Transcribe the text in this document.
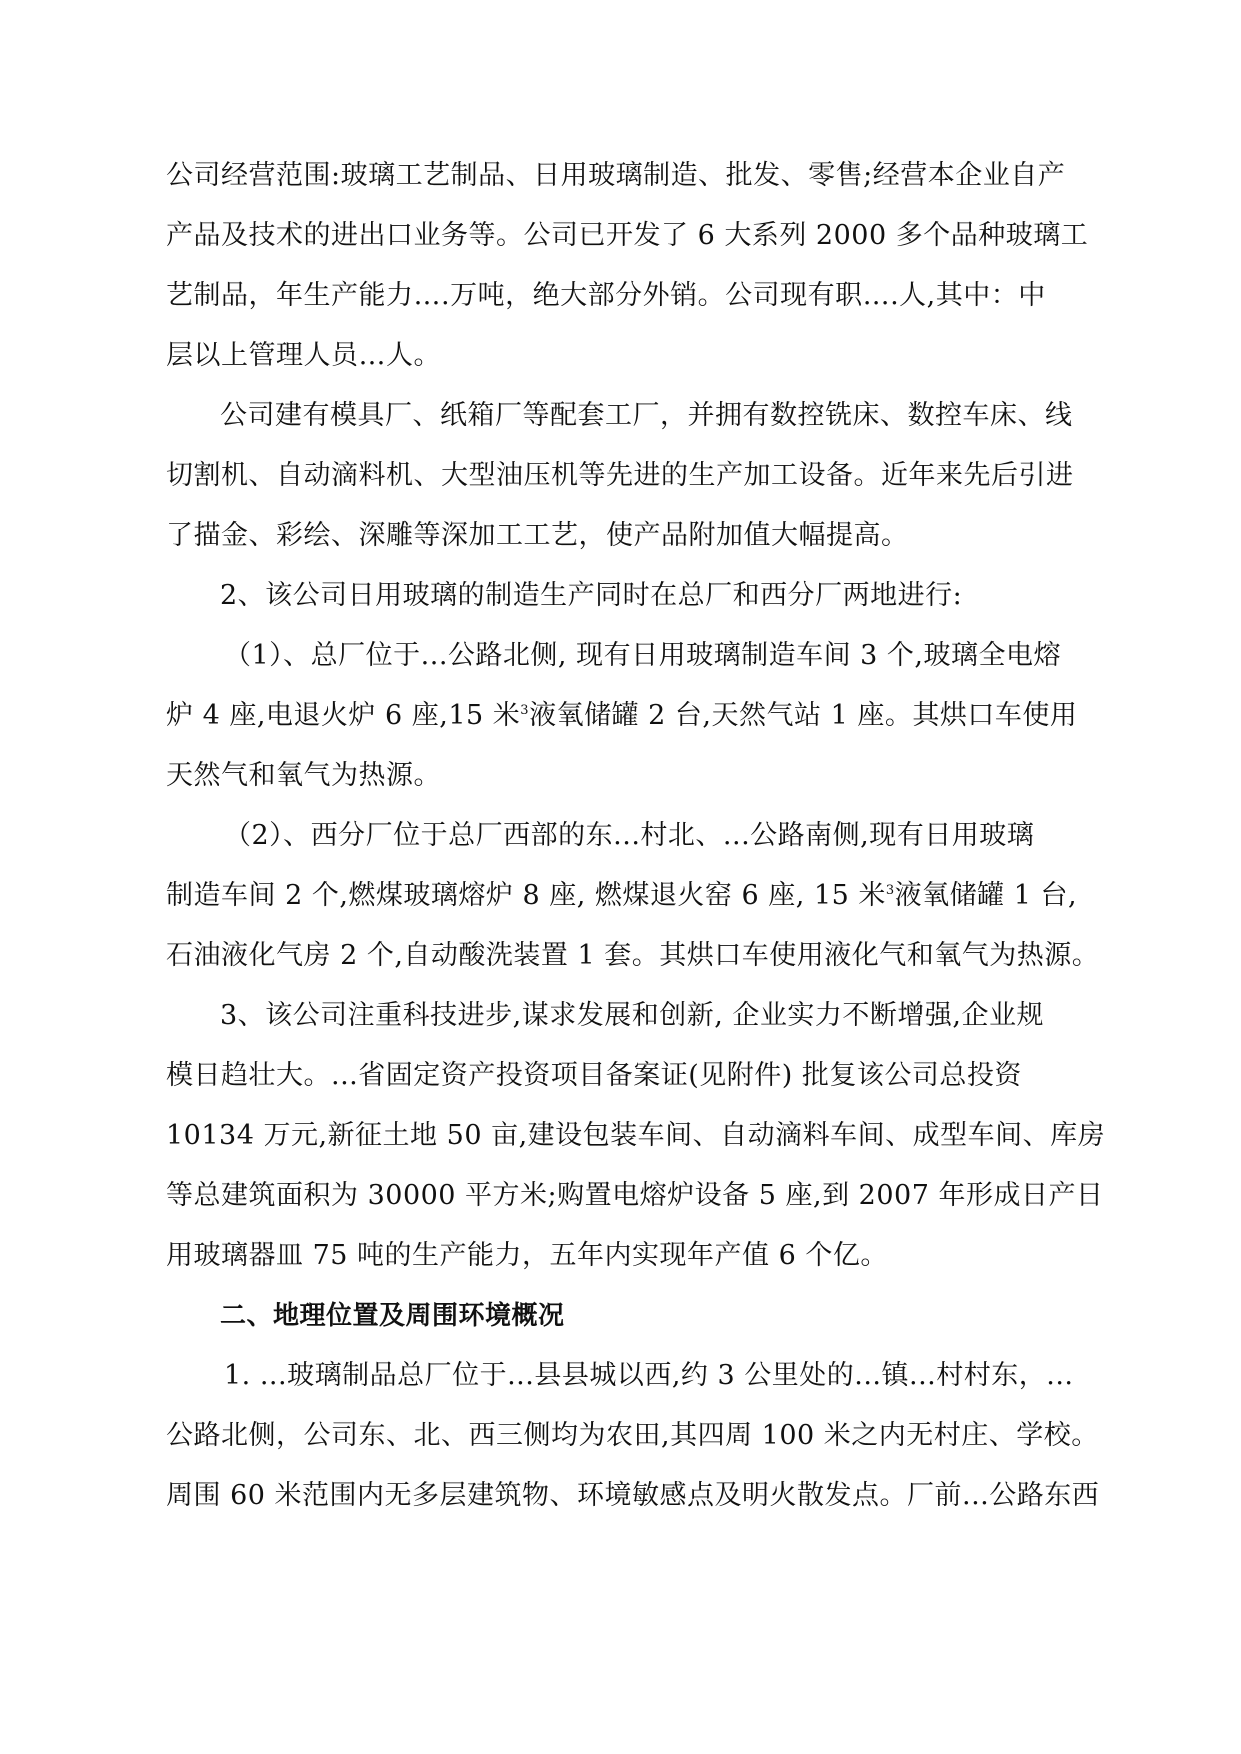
公司经营范围:玻璃工艺制品、日用玻璃制造、批发、零售;经营本企业自产
产品及技术的进出口业务等。公司已开发了 6 大系列 2000 多个品种玻璃工
艺制品，年生产能力….万吨，绝大部分外销。公司现有职….人,其中：中
层以上管理人员…人。
公司建有模具厂、纸箱厂等配套工厂，并拥有数控铣床、数控车床、线
切割机、自动滴料机、大型油压机等先进的生产加工设备。近年来先后引进
了描金、彩绘、深雕等深加工工艺，使产品附加值大幅提高。
2、该公司日用玻璃的制造生产同时在总厂和西分厂两地进行:
（1）、总厂位于...公路北侧, 现有日用玻璃制造车间 3 个,玻璃全电熔
炉 4 座,电退火炉 6 座,15 米$^3$液氧储罐 2 台,天然气站 1 座。其烘口车使用
天然气和氧气为热源。
（2）、西分厂位于总厂西部的东...村北、...公路南侧,现有日用玻璃
制造车间 2 个,燃煤玻璃熔炉 8 座, 燃煤退火窑 6 座, 15 米$^3$液氧储罐 1 台,
石油液化气房 2 个,自动酸洗装置 1 套。其烘口车使用液化气和氧气为热源。
3、该公司注重科技进步,谋求发展和创新, 企业实力不断增强,企业规
模日趋壮大。...省固定资产投资项目备案证(见附件) 批复该公司总投资
10134 万元,新征土地 50 亩,建设包装车间、自动滴料车间、成型车间、库房
等总建筑面积为 30000 平方米;购置电熔炉设备 5 座,到 2007 年形成日产日
用玻璃器皿 75 吨的生产能力，五年内实现年产值 6 个亿。
二、地理位置及周围环境概况
1. ...玻璃制品总厂位于...县县城以西,约 3 公里处的...镇...村村东，...
公路北侧，公司东、北、西三侧均为农田,其四周 100 米之内无村庄、学校。
周围 60 米范围内无多层建筑物、环境敏感点及明火散发点。厂前...公路东西
